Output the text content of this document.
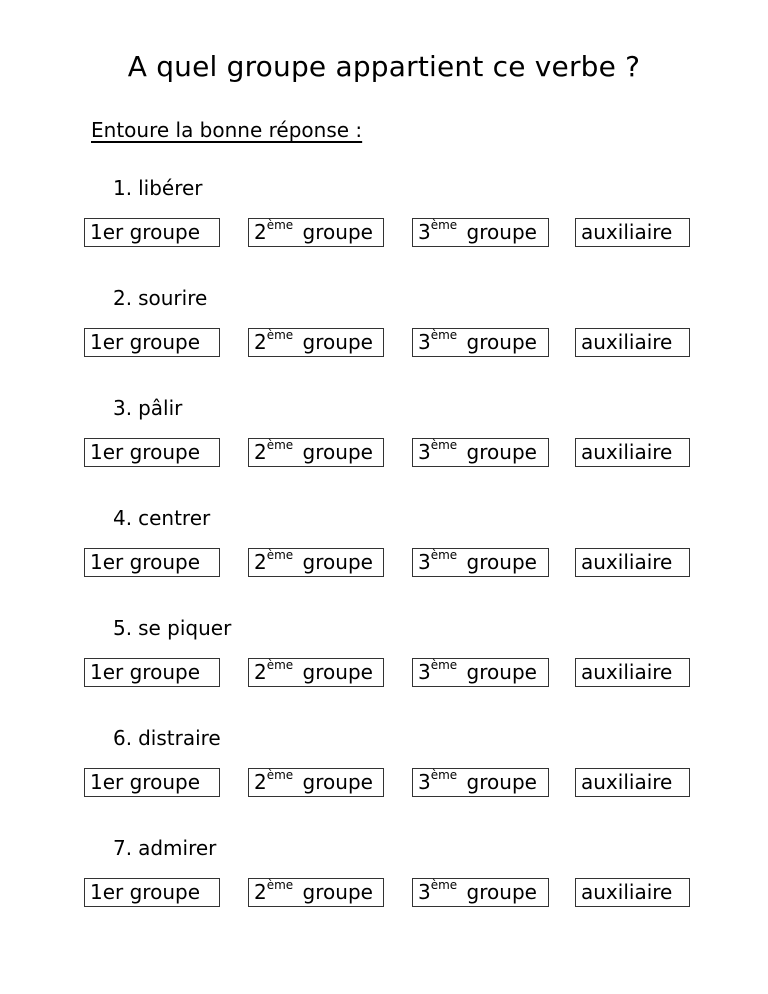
A quel groupe appartient ce verbe ?
Entoure la bonne réponse :
1. libérer
1er groupe	2ème groupe	3ème groupe	auxiliaire
2. sourire
1er groupe	2ème groupe	3ème groupe	auxiliaire
3. pâlir
1er groupe	2ème groupe	3ème groupe	auxiliaire
4. centrer
1er groupe	2ème groupe	3ème groupe	auxiliaire
5. se piquer
1er groupe	2ème groupe	3ème groupe	auxiliaire
6. distraire
1er groupe	2ème groupe	3ème groupe	auxiliaire
7. admirer
1er groupe	2ème groupe	3ème groupe	auxiliaire
